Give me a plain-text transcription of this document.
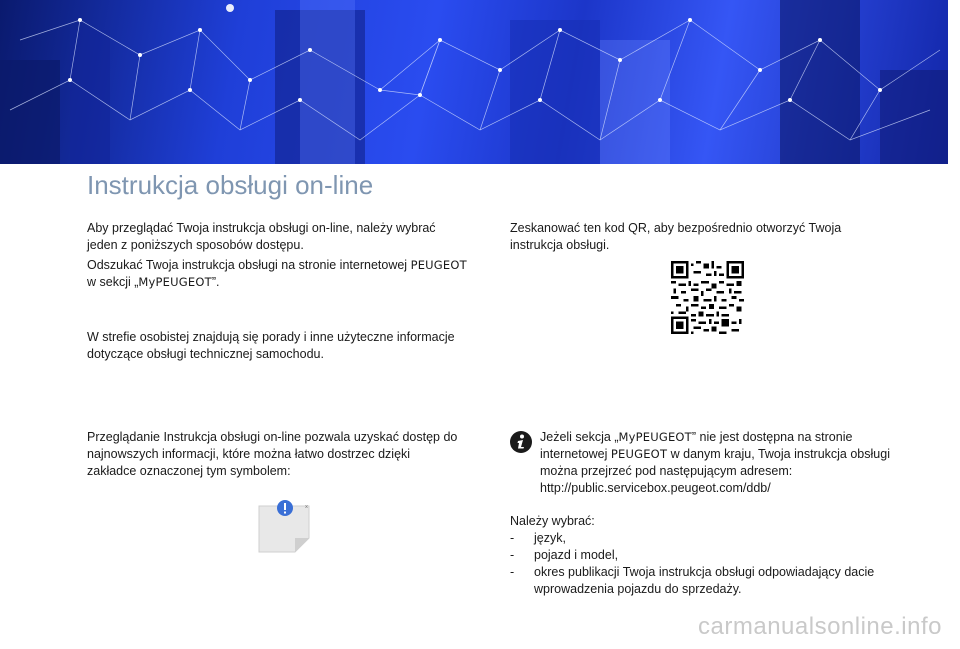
Instrukcja obsługi on-line

Aby przeglądać Twoja instrukcja obsługi on-line, należy wybrać jeden z poniższych sposobów dostępu.

Odszukać Twoja instrukcja obsługi na stronie internetowej PEUGEOT
w sekcji „MyPEUGEOT”.

W strefie osobistej znajdują się porady i inne użyteczne informacje dotyczące obsługi technicznej samochodu.

Przeglądanie Instrukcja obsługi on-line pozwala uzyskać dostęp do najnowszych informacji, które można łatwo dostrzec dzięki zakładce oznaczonej tym symbolem:

x

Zeskanować ten kod QR, aby bezpośrednio otworzyć Twoja instrukcja obsługi.

Jeżeli sekcja „MyPEUGEOT” nie jest dostępna na stronie internetowej PEUGEOT w danym kraju, Twoja instrukcja obsługi można przejrzeć pod następującym adresem:
http://public.servicebox.peugeot.com/ddb/

Należy wybrać:

- język,
- pojazd i model,
- okres publikacji Twoja instrukcja obsługi odpowiadający dacie wprowadzenia pojazdu do sprzedaży.
carmanualsonline.info
